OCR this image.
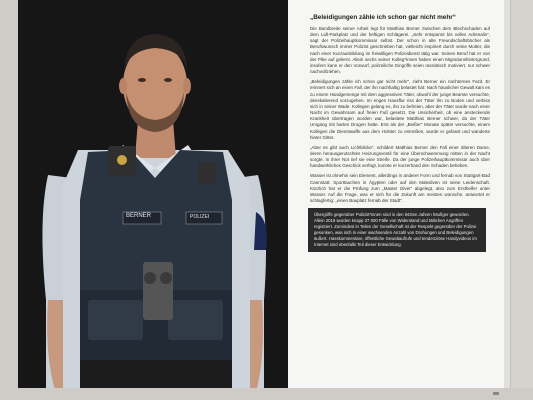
BERNER	POLIZEI
„Beleidigungen zähle ich schon gar nicht mehr“

Die Bandbreite seiner Arbeit legt für Matthias Berner zwischen dem Blechschaden auf dem Lidl-Parkplatz und der heftigen Schlägerei. „Sehr entspannt bis volles Adrenalin“, sagt der Polizeihauptkommissar selbst. Der schon in alte Freundschaftsbücher als Berufswunsch immer Polizist geschrieben hat, vielleicht inspiriert durch seine Mutter, die nach einer Kurzausbildung im freiwilligen Polizeidienst tätig war. Seinen Beruf hat er von der Pike auf gelernt. Allein sechs seiner Kolleg*innen haben einen Migrationshintergrund, insofern kann er den Vorwurf, polizeiliche Eingriffe seien rassistisch motiviert, nur schwer nachvollziehen.

„Beleidigungen zähle ich schon gar nicht mehr“, zieht Berner ein nüchternes Fazit. Er erinnert sich an einen Fall, der ihn nachhaltig belastet hat: Nach häuslicher Gewalt kam es zu einem Handgemenge mit dem aggressiven Täter, obwohl der junge Beamte versuchte, deeskalierend vorzugehen. Im engen Hausflur riss der Täter ihn zu Boden und verbiss sich in seiner Wade. Kollegen gelang es, ihn zu befreien, aber der Täter wurde nach einer Nacht im Gewahrsam auf freien Fuß gesetzt. Die Unsicherheit, ob eine ansteckende Krankheit übertragen worden war, belastete Matthias Berner schwer, da der Täter Umgang mit harten Drogen hatte. Erst als der „Beißer“ Monate später versuchte, einem Kollegen die Dienstwaffe aus dem Holster zu entreißen, wurde er gefasst und wanderte hinter Gitter.

„Aber es gibt auch Lichtblicke“, schildert Matthias Berner den Fall einer älteren Dame, deren herausgerutschtes Heizungsventil für eine Überschwemmung mitten in der Nacht sorgte. In ihrer Not rief sie eine Streife. Da der junge Polizeihauptkommissar auch über handwerkliches Geschick verfügt, konnte er kurzerhand den Schaden beheben.

Wasser ist ohnehin sein Element, allerdings in anderer Form und fernab von Stuttgart-Bad Cannstatt: Sporttauchen in Ägypten oder auf den Malediven ist seine Leidenschaft. Kürzlich hat er die Prüfung zum „Master Diver“ abgelegt, also zum Ersthelfer unter Wasser. Auf die Frage, was er sich für die Zukunft am meisten wünsche, antwortet er schlagfertig: „einen Bauplatz fernab der Stadt“.

Übergriffe gegenüber Polizist*innen sind in den letzten Jahren häufiger geworden. Allein 2019 wurden knapp 37 000 Fälle von Widerstand und tätlichen Angriffen registriert. Zumindest in Teilen der Gesellschaft ist der Respekt gegenüber der Polizei gesunken, was sich in einer wachsenden Anzahl von Drohungen und Beleidigungen äußert. Hasskommentare, öffentliche Gewaltaufrufe und tendenziöse Handyvideos im Internet sind ebenfalls Teil dieser Entwicklung.
